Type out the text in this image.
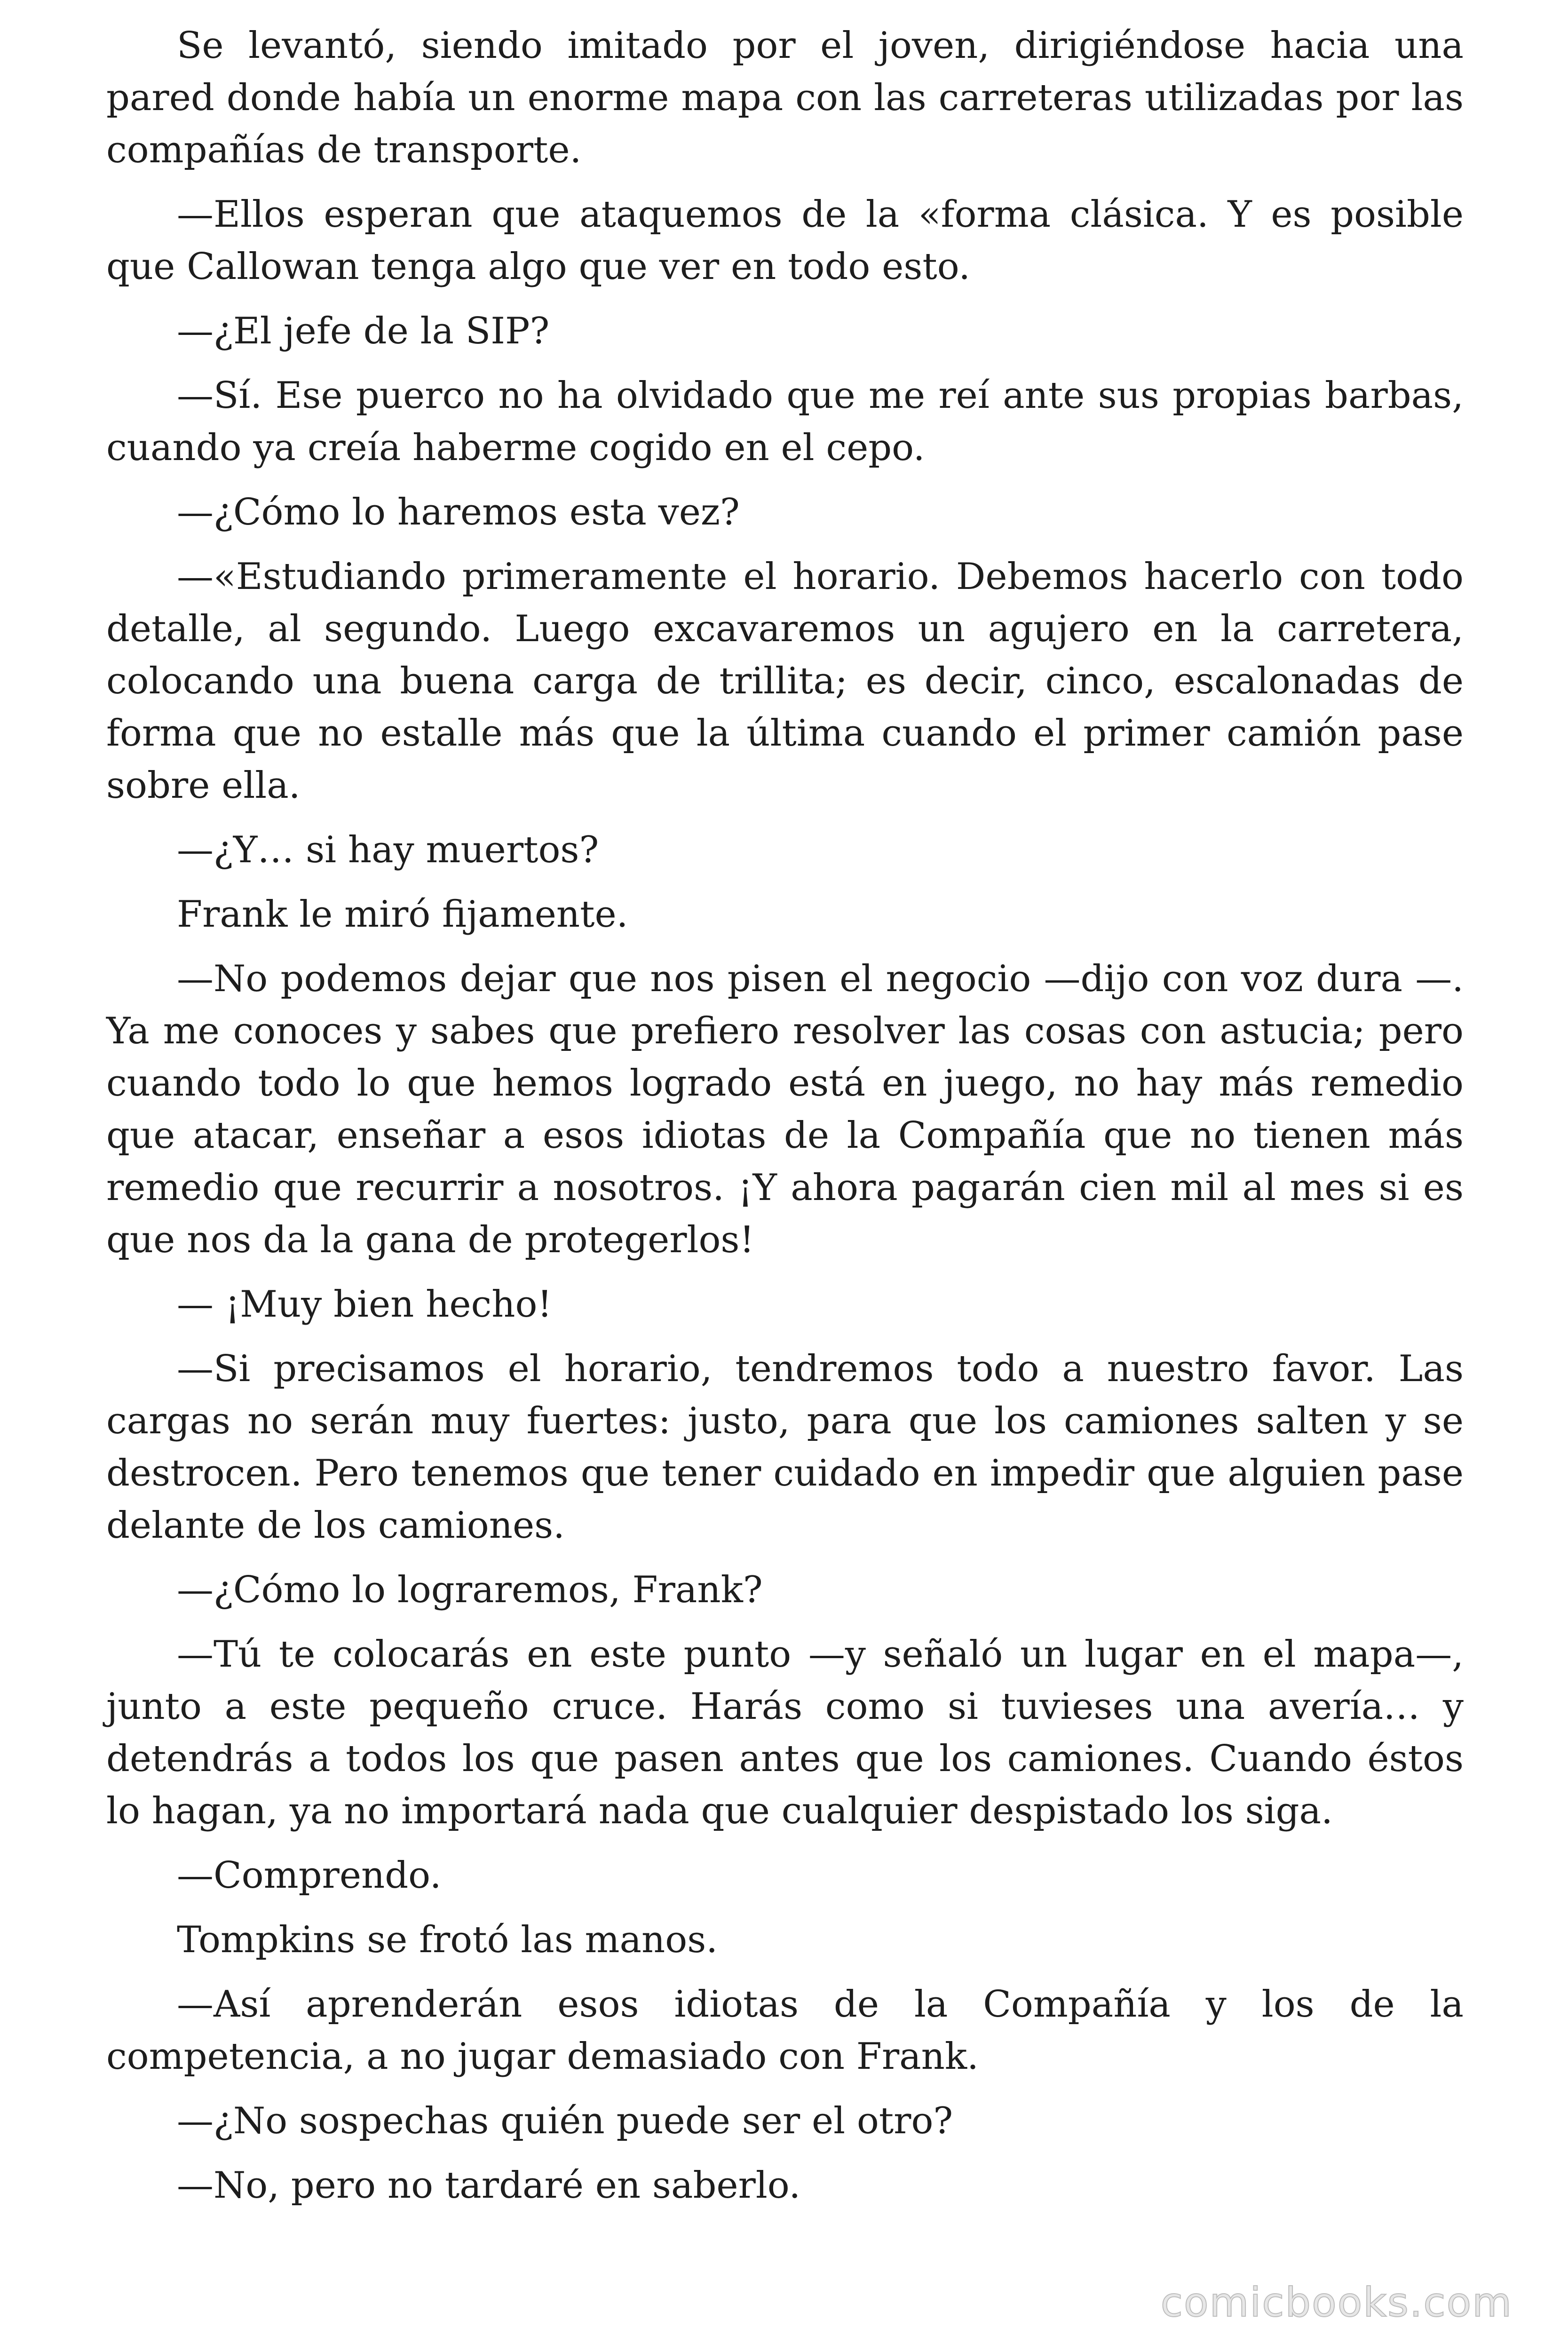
Se levantó, siendo imitado por el joven, dirigiéndose hacia una pared donde había un enorme mapa con las carreteras utilizadas por las compañías de transporte.

—Ellos esperan que ataquemos de la «forma clásica. Y es posible que Callowan tenga algo que ver en todo esto.

—¿El jefe de la SIP?

—Sí. Ese puerco no ha olvidado que me reí ante sus propias barbas, cuando ya creía haberme cogido en el cepo.

—¿Cómo lo haremos esta vez?

—«Estudiando primeramente el horario. Debemos hacerlo con todo detalle, al segundo. Luego excavaremos un agujero en la carretera, colocando una buena carga de trillita; es decir, cinco, escalonadas de forma que no estalle más que la última cuando el primer camión pase sobre ella.

—¿Y… si hay muertos?

Frank le miró fijamente.

—No podemos dejar que nos pisen el negocio —dijo con voz dura —. Ya me conoces y sabes que prefiero resolver las cosas con astucia; pero cuando todo lo que hemos logrado está en juego, no hay más remedio que atacar, enseñar a esos idiotas de la Compañía que no tienen más remedio que recurrir a nosotros. ¡Y ahora pagarán cien mil al mes si es que nos da la gana de protegerlos!

— ¡Muy bien hecho!

—Si precisamos el horario, tendremos todo a nuestro favor. Las cargas no serán muy fuertes: justo, para que los camiones salten y se destrocen. Pero tenemos que tener cuidado en impedir que alguien pase delante de los camiones.

—¿Cómo lo lograremos, Frank?

—Tú te colocarás en este punto —y señaló un lugar en el mapa—, junto a este pequeño cruce. Harás como si tuvieses una avería… y detendrás a todos los que pasen antes que los camiones. Cuando éstos lo hagan, ya no importará nada que cualquier despistado los siga.

—Comprendo.

Tompkins se frotó las manos.

—Así aprenderán esos idiotas de la Compañía y los de la competencia, a no jugar demasiado con Frank.

—¿No sospechas quién puede ser el otro?

—No, pero no tardaré en saberlo.

comicbooks.com
